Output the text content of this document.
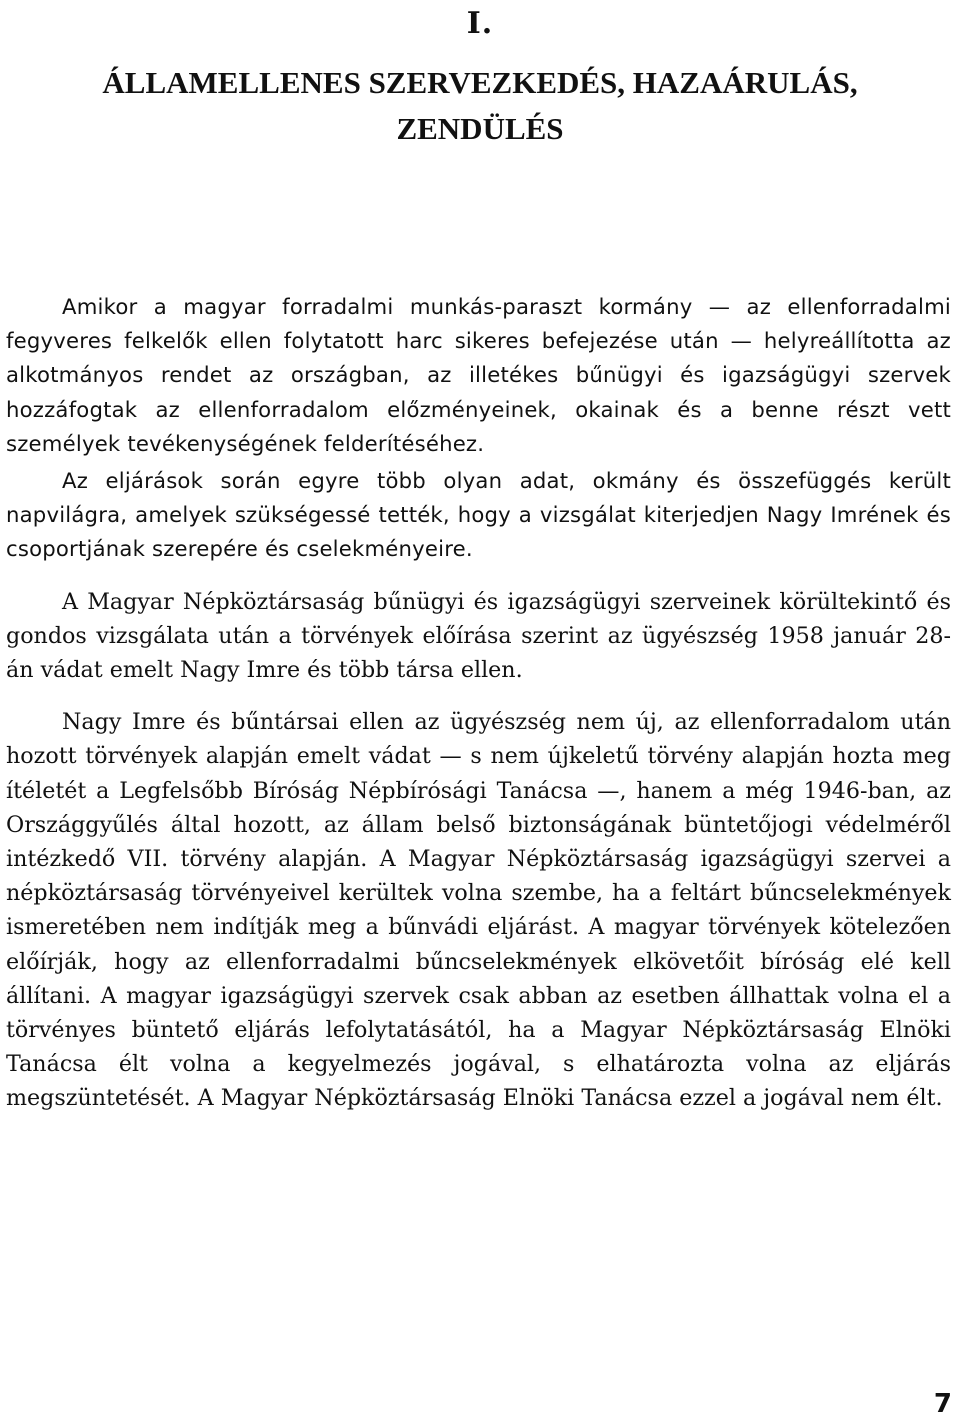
I.
ÁLLAMELLENES SZERVEZKEDÉS, HAZAÁRULÁS,
ZENDÜLÉS

Amikor a magyar forradalmi munkás-paraszt kormány — az ellenforradalmi fegyveres felkelők ellen folytatott harc sikeres befejezése után — helyreállította az alkotmányos rendet az országban, az illetékes bűnügyi és igazságügyi szervek hozzáfogtak az ellenforradalom előzményeinek, okainak és a benne részt vett személyek tevékenységének felderítéséhez.

Az eljárások során egyre több olyan adat, okmány és összefüggés került napvilágra, amelyek szükségessé tették, hogy a vizsgálat kiterjedjen Nagy Imrének és csoportjának szerepére és cselekményeire.

A Magyar Népköztársaság bűnügyi és igazságügyi szerveinek körültekintő és gondos vizsgálata után a törvények előírása szerint az ügyészség 1958 január 28-án vádat emelt Nagy Imre és több társa ellen.

Nagy Imre és bűntársai ellen az ügyészség nem új, az ellenforradalom után hozott törvények alapján emelt vádat — s nem újkeletű törvény alapján hozta meg ítéletét a Legfelsőbb Bíróság Népbírósági Tanácsa —, hanem a még 1946-ban, az Országgyűlés által hozott, az állam belső biztonságának büntetőjogi védelméről intézkedő VII. törvény alapján. A Magyar Népköztársaság igazságügyi szervei a népköztársaság törvényeivel kerültek volna szembe, ha a feltárt bűncselekmények ismeretében nem indítják meg a bűnvádi eljárást. A magyar törvények kötelezően előírják, hogy az ellenforradalmi bűncselekmények elkövetőit bíróság elé kell állítani. A magyar igazságügyi szervek csak abban az esetben állhattak volna el a törvényes büntető eljárás lefolytatásától, ha a Magyar Népköztársaság Elnöki Tanácsa élt volna a kegyelmezés jogával, s elhatározta volna az eljárás megszüntetését. A Magyar Népköztársaság Elnöki Tanácsa ezzel a jogával nem élt.

7
